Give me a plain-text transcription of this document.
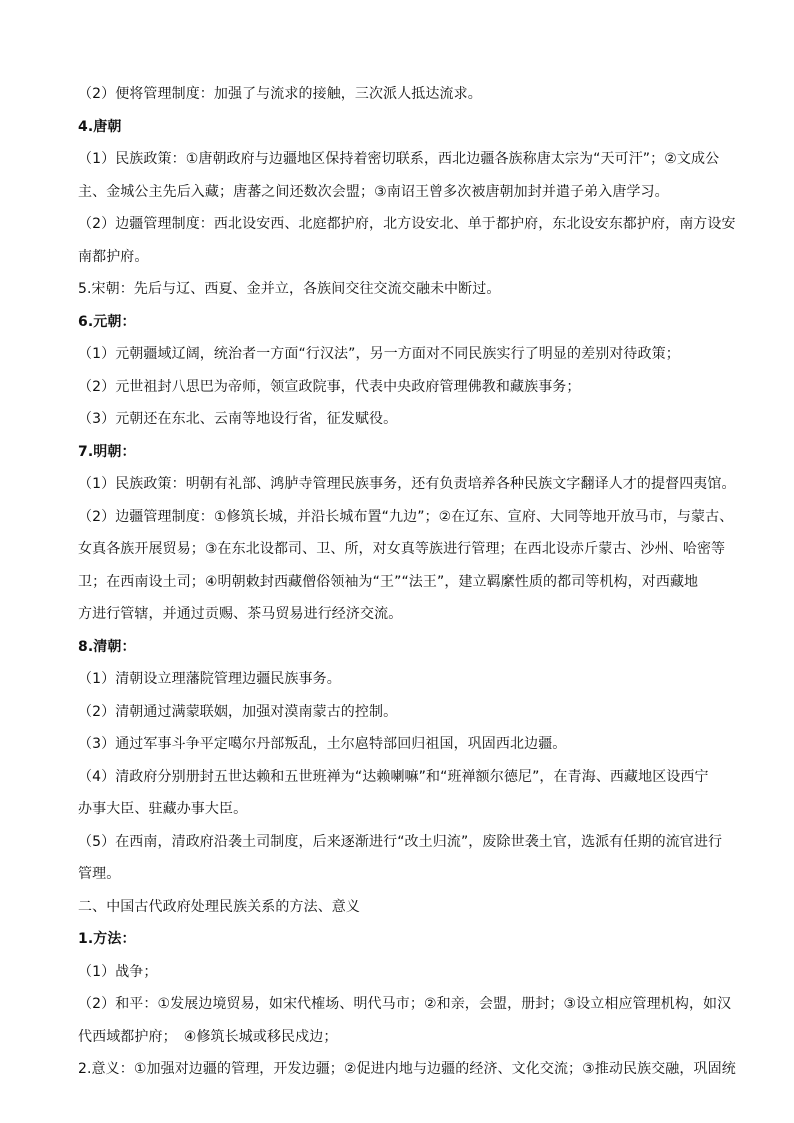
（2）便将管理制度：加强了与流求的接触，三次派人抵达流求。
4.唐朝
（1）民族政策：①唐朝政府与边疆地区保持着密切联系，西北边疆各族称唐太宗为“天可汗”；②文成公
主、金城公主先后入藏；唐蕃之间还数次会盟；③南诏王曾多次被唐朝加封并遣子弟入唐学习。
（2）边疆管理制度：西北设安西、北庭都护府，北方设安北、单于都护府，东北设安东都护府，南方设安
南都护府。
5.宋朝：先后与辽、西夏、金并立，各族间交往交流交融未中断过。
6.元朝：
（1）元朝疆域辽阔，统治者一方面“行汉法”，另一方面对不同民族实行了明显的差别对待政策；
（2）元世祖封八思巴为帝师，领宣政院事，代表中央政府管理佛教和藏族事务；
（3）元朝还在东北、云南等地设行省，征发赋役。
7.明朝：
（1）民族政策：明朝有礼部、鸿胪寺管理民族事务，还有负责培养各种民族文字翻译人才的提督四夷馆。
（2）边疆管理制度：①修筑长城，并沿长城布置“九边”；②在辽东、宣府、大同等地开放马市，与蒙古、
女真各族开展贸易；③在东北设都司、卫、所，对女真等族进行管理；在西北设赤斤蒙古、沙州、哈密等
卫；在西南设土司；④明朝敕封西藏僧俗领袖为“王”“法王”，建立羁縻性质的都司等机构，对西藏地
方进行管辖，并通过贡赐、茶马贸易进行经济交流。
8.清朝：
（1）清朝设立理藩院管理边疆民族事务。
（2）清朝通过满蒙联姻，加强对漠南蒙古的控制。
（3）通过军事斗争平定噶尔丹部叛乱，土尔扈特部回归祖国，巩固西北边疆。
（4）清政府分别册封五世达赖和五世班禅为“达赖喇嘛”和“班禅额尔德尼”，在青海、西藏地区设西宁
办事大臣、驻藏办事大臣。
（5）在西南，清政府沿袭土司制度，后来逐渐进行“改土归流”，废除世袭土官，选派有任期的流官进行
管理。
二、中国古代政府处理民族关系的方法、意义
1.方法：
（1）战争；
（2）和平：①发展边境贸易，如宋代榷场、明代马市；②和亲，会盟，册封；③设立相应管理机构，如汉
代西域都护府；　④修筑长城或移民戍边；
2.意义：①加强对边疆的管理，开发边疆；②促进内地与边疆的经济、文化交流；③推动民族交融，巩固统
